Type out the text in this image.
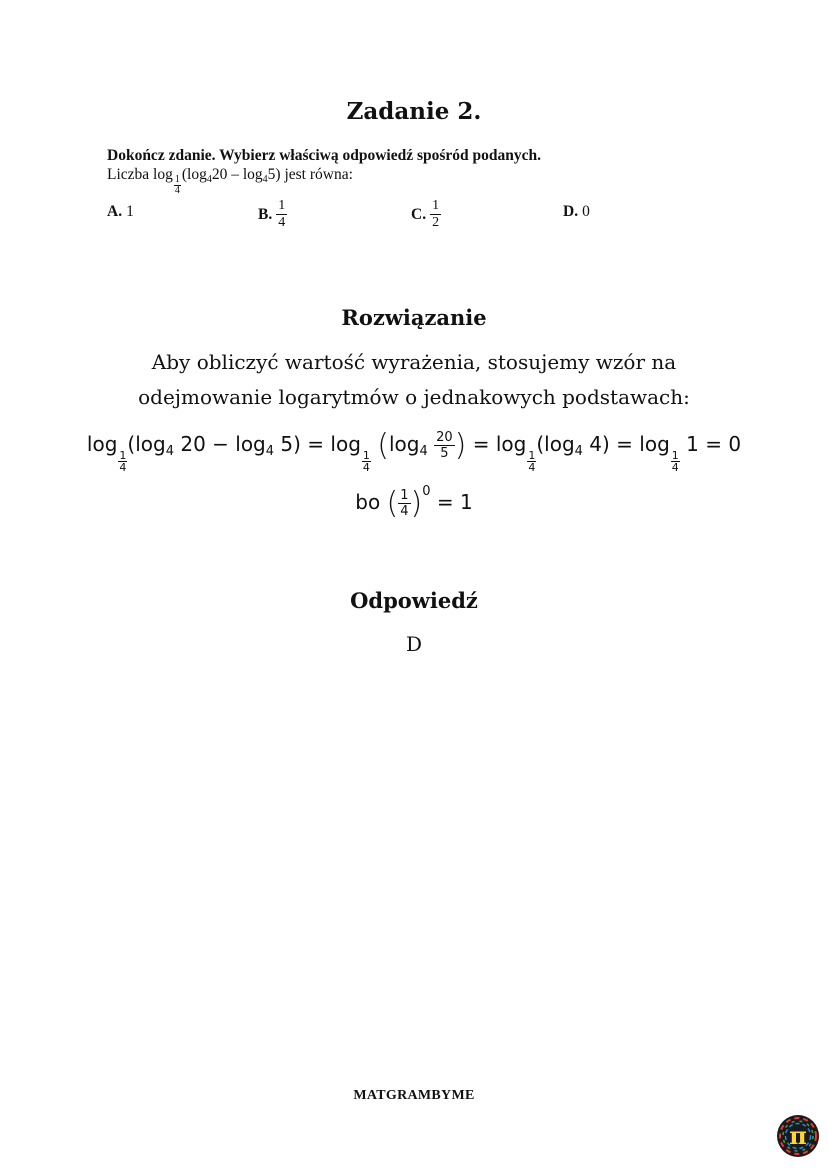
Zadanie 2.
Dokończ zdanie. Wybierz właściwą odpowiedź spośród podanych.
Liczba log
$\frac{1}{4}$
$(\log_420 - \log_45)$ jest równa:
A. 1	B. $\frac{1}{4}$	C. $\frac{1}{2}$	D. 0
Rozwiązanie
Aby obliczyć wartość wyrażenia, stosujemy wzór na
odejmowanie logarytmów o jednakowych podstawach:
log
$\frac{1}{4}$
($\log_4$ $20 - \log_4 5) = \log$
$\frac{1}{4} (\log_4 \frac{20}{5}$ ) = log
$\frac{1}{4}$
($\log_4$ 4) = log
$\frac{1}{4}$
1 = 0
bo ( $\frac{1}{4} )^0 = 1$
Odpowiedź
D
MATGRAMBYME
π
